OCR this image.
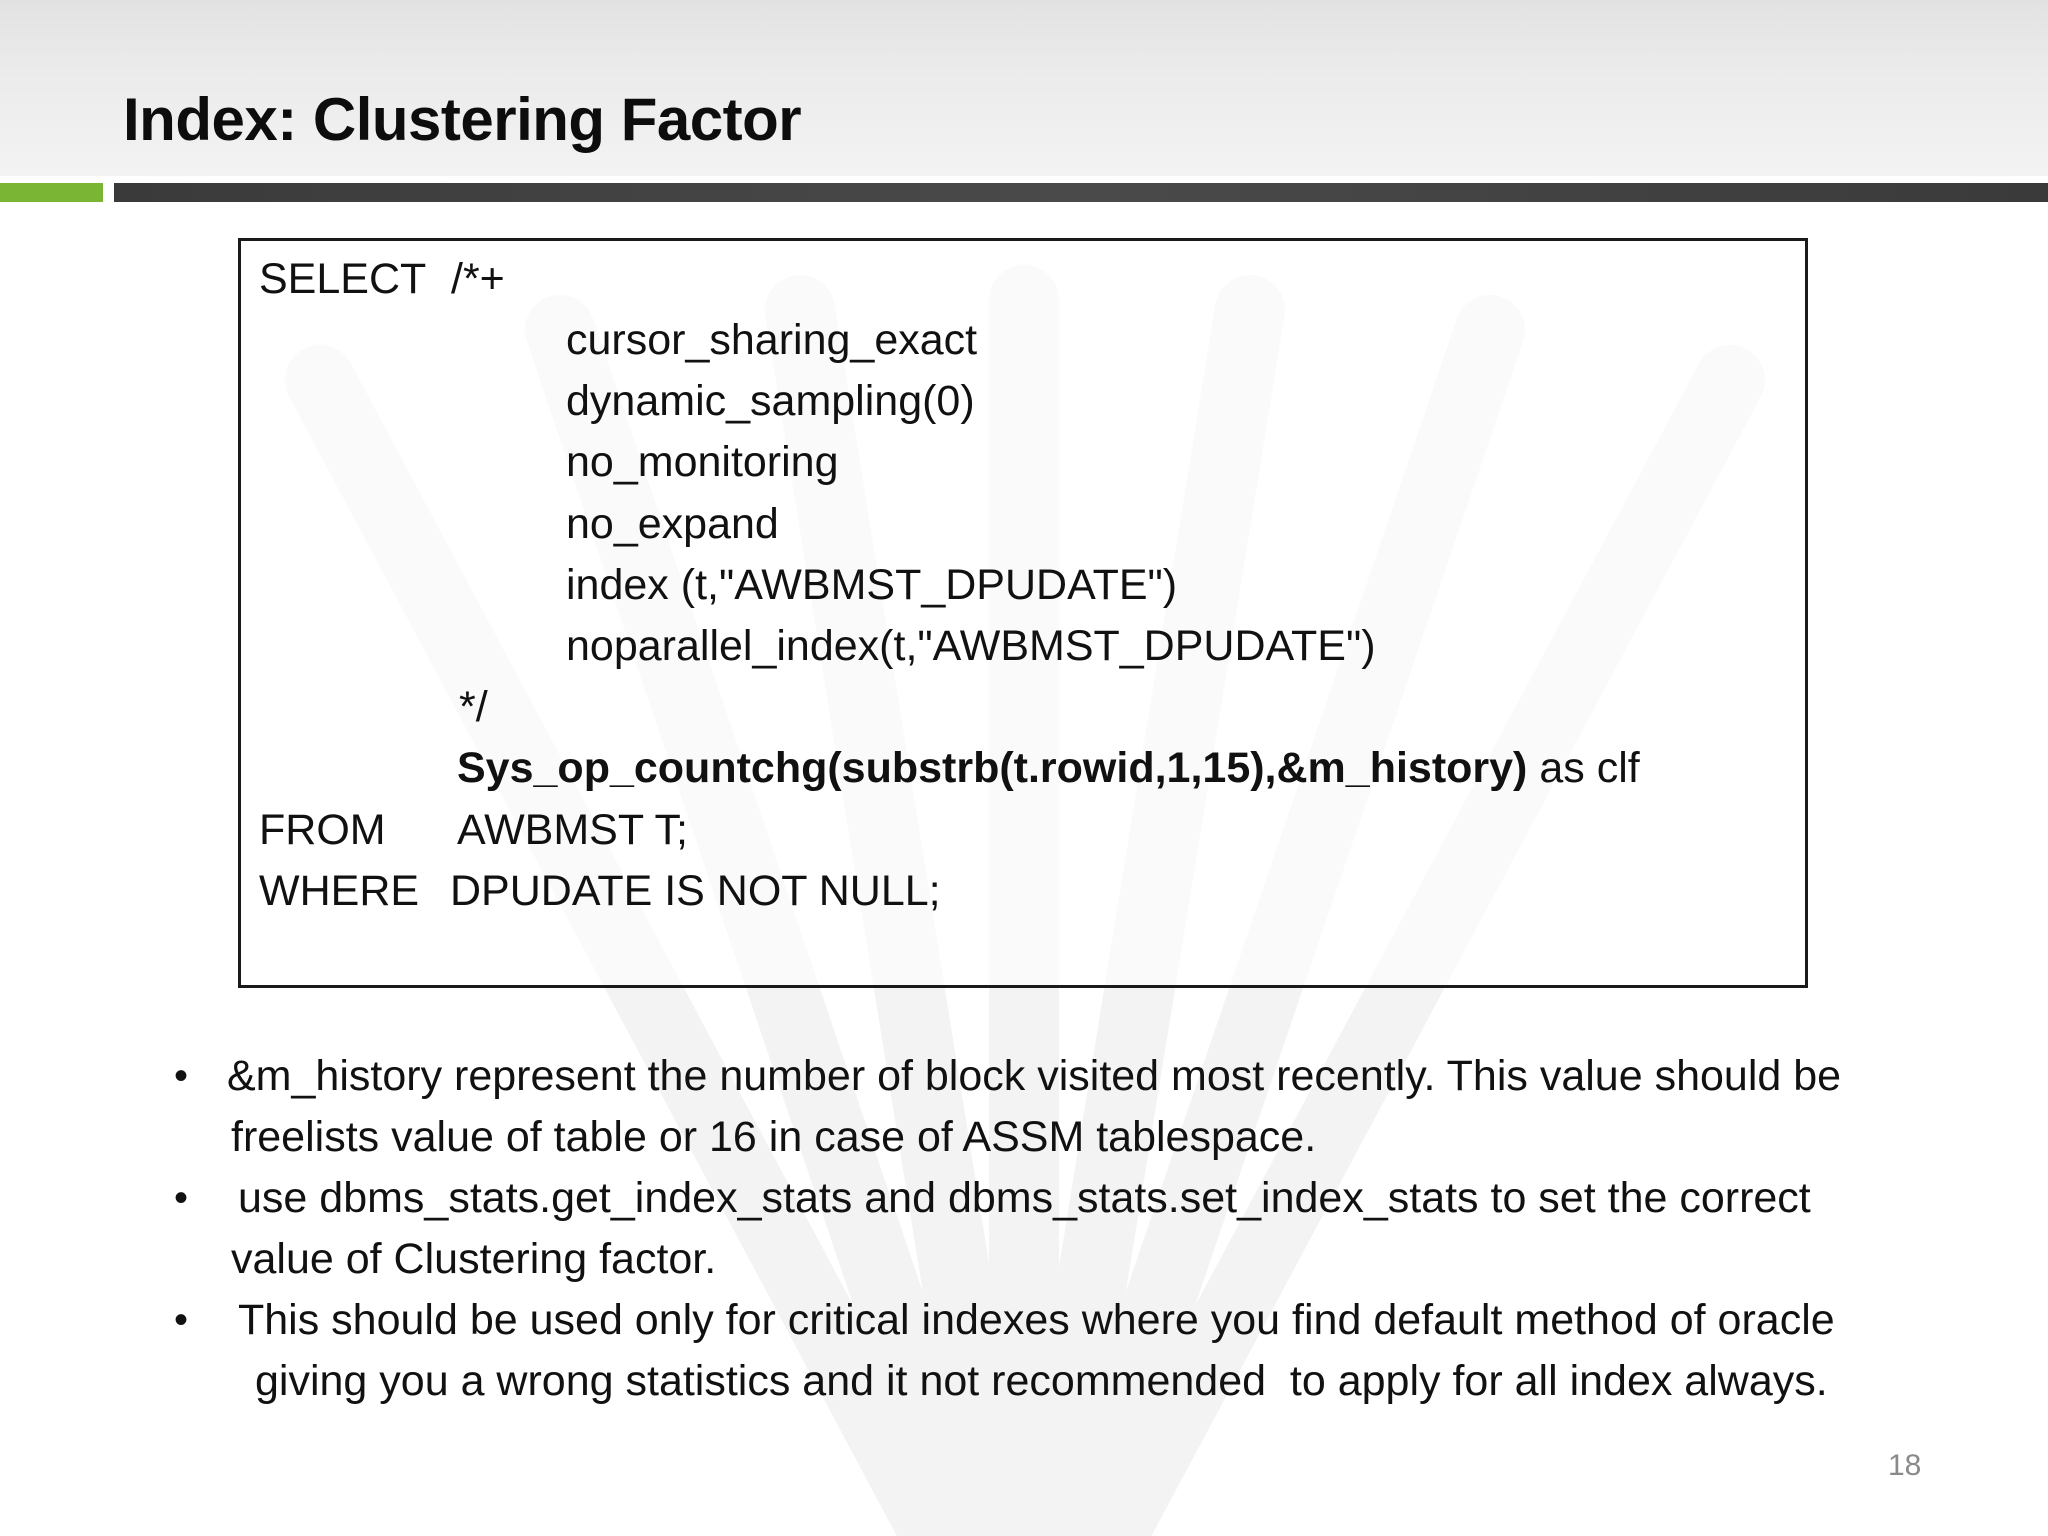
Index: Clustering Factor
SELECT /*+
cursor_sharing_exact
dynamic_sampling(0)
no_monitoring
no_expand
index (t,"AWBMST_DPUDATE")
noparallel_index(t,"AWBMST_DPUDATE")
*/
Sys_op_countchg(substrb(t.rowid,1,15),&m_history) as clf
FROM AWBMST T;
WHERE DPUDATE IS NOT NULL;
• &m_history represent the number of block visited most recently. This value should be
freelists value of table or 16 in case of ASSM tablespace.
• use dbms_stats.get_index_stats and dbms_stats.set_index_stats to set the correct
value of Clustering factor.
• This should be used only for critical indexes where you find default method of oracle
giving you a wrong statistics and it not recommended  to apply for all index always.
18
